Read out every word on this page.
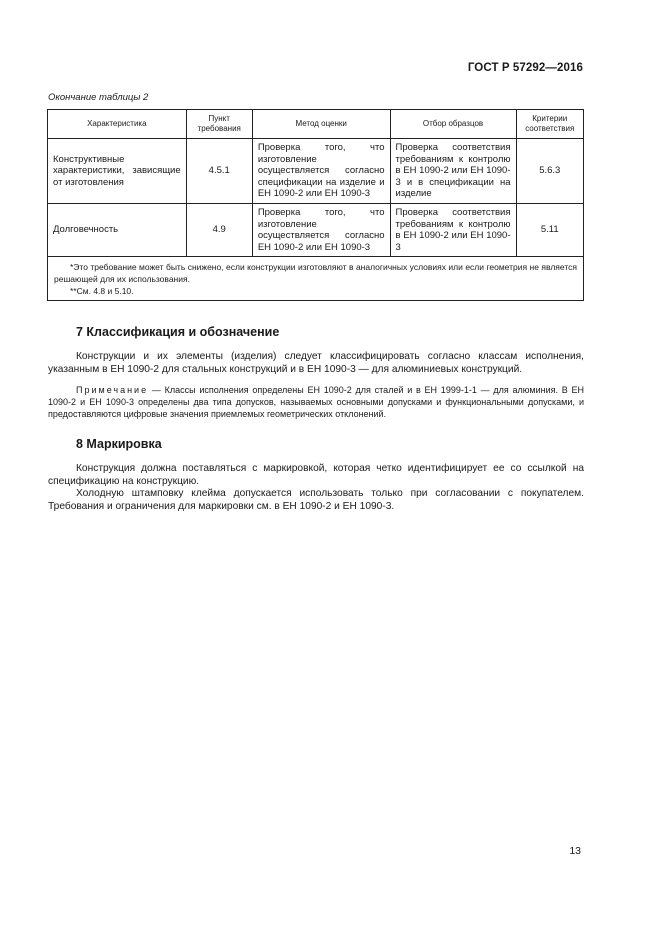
ГОСТ Р 57292—2016
Окончание таблицы 2
Характеристика	Пункт требования	Метод оценки	Отбор образцов	Критерии соответствия
Конструктивные характеристики, зависящие от изготовления	4.5.1	Проверка того, что изготовление осуществляется согласно спецификации на изделие и ЕН 1090-2 или ЕН 1090-3	Проверка соответствия требованиям к контролю в ЕН 1090-2 или ЕН 1090-3 и в спецификации на изделие	5.6.3
Долговечность	4.9	Проверка того, что изготовление осуществляется согласно ЕН 1090-2 или ЕН 1090-3	Проверка соответствия требованиям к контролю в ЕН 1090-2 или ЕН 1090-3	5.11

*Это требование может быть снижено, если конструкции изготовляют в аналогичных условиях или если геометрия не является решающей для их использования.
**См. 4.8 и 5.10.				
7 Классификация и обозначение

Конструкции и их элементы (изделия) следует классифицировать согласно классам исполнения, указанным в ЕН 1090-2 для стальных конструкций и в ЕН 1090-3 — для алюминиевых конструкций.

Примечание — Классы исполнения определены ЕН 1090-2 для сталей и в ЕН 1999-1-1 — для алюминия. В ЕН 1090-2 и ЕН 1090-3 определены два типа допусков, называемых основными допусками и функциональными допусками, и предоставляются цифровые значения приемлемых геометрических отклонений.

8 Маркировка

Конструкция должна поставляться с маркировкой, которая четко идентифицирует ее со ссылкой на спецификацию на конструкцию.

Холодную штамповку клейма допускается использовать только при согласовании с покупателем. Требования и ограничения для маркировки см. в ЕН 1090-2 и ЕН 1090-3.

13
